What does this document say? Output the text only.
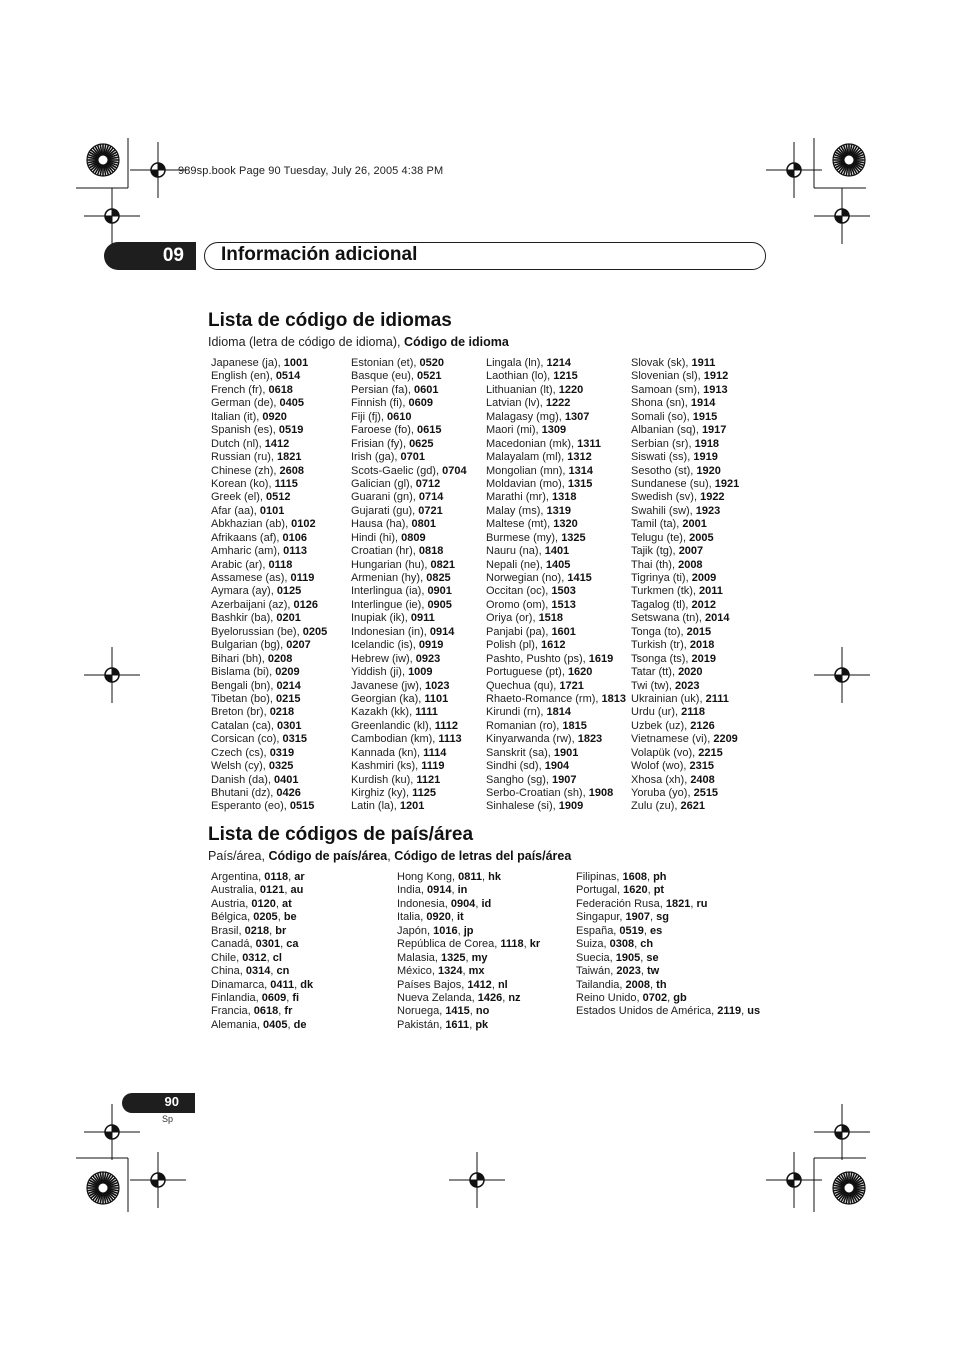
989sp.book Page 90 Tuesday, July 26, 2005 4:38 PM
09 Información adicional
Lista de código de idiomas
Idioma (letra de código de idioma), Código de idioma
Japanese (ja), 1001
English (en), 0514
French (fr), 0618
German (de), 0405
Italian (it), 0920
Spanish (es), 0519
Dutch (nl), 1412
Russian (ru), 1821
Chinese (zh), 2608
Korean (ko), 1115
Greek (el), 0512
Afar (aa), 0101
Abkhazian (ab), 0102
Afrikaans (af), 0106
Amharic (am), 0113
Arabic (ar), 0118
Assamese (as), 0119
Aymara (ay), 0125
Azerbaijani (az), 0126
Bashkir (ba), 0201
Byelorussian (be), 0205
Bulgarian (bg), 0207
Bihari (bh), 0208
Bislama (bi), 0209
Bengali (bn), 0214
Tibetan (bo), 0215
Breton (br), 0218
Catalan (ca), 0301
Corsican (co), 0315
Czech (cs), 0319
Welsh (cy), 0325
Danish (da), 0401
Bhutani (dz), 0426
Esperanto (eo), 0515
Estonian (et), 0520
Basque (eu), 0521
Persian (fa), 0601
Finnish (fi), 0609
Fiji (fj), 0610
Faroese (fo), 0615
Frisian (fy), 0625
Irish (ga), 0701
Scots-Gaelic (gd), 0704
Galician (gl), 0712
Guarani (gn), 0714
Gujarati (gu), 0721
Hausa (ha), 0801
Hindi (hi), 0809
Croatian (hr), 0818
Hungarian (hu), 0821
Armenian (hy), 0825
Interlingua (ia), 0901
Interlingue (ie), 0905
Inupiak (ik), 0911
Indonesian (in), 0914
Icelandic (is), 0919
Hebrew (iw), 0923
Yiddish (ji), 1009
Javanese (jw), 1023
Georgian (ka), 1101
Kazakh (kk), 1111
Greenlandic (kl), 1112
Cambodian (km), 1113
Kannada (kn), 1114
Kashmiri (ks), 1119
Kurdish (ku), 1121
Kirghiz (ky), 1125
Latin (la), 1201
Lingala (ln), 1214
Laothian (lo), 1215
Lithuanian (lt), 1220
Latvian (lv), 1222
Malagasy (mg), 1307
Maori (mi), 1309
Macedonian (mk), 1311
Malayalam (ml), 1312
Mongolian (mn), 1314
Moldavian (mo), 1315
Marathi (mr), 1318
Malay (ms), 1319
Maltese (mt), 1320
Burmese (my), 1325
Nauru (na), 1401
Nepali (ne), 1405
Norwegian (no), 1415
Occitan (oc), 1503
Oromo (om), 1513
Oriya (or), 1518
Panjabi (pa), 1601
Polish (pl), 1612
Pashto, Pushto (ps), 1619
Portuguese (pt), 1620
Quechua (qu), 1721
Rhaeto-Romance (rm), 1813
Kirundi (rn), 1814
Romanian (ro), 1815
Kinyarwanda (rw), 1823
Sanskrit (sa), 1901
Sindhi (sd), 1904
Sangho (sg), 1907
Serbo-Croatian (sh), 1908
Sinhalese (si), 1909
Slovak (sk), 1911
Slovenian (sl), 1912
Samoan (sm), 1913
Shona (sn), 1914
Somali (so), 1915
Albanian (sq), 1917
Serbian (sr), 1918
Siswati (ss), 1919
Sesotho (st), 1920
Sundanese (su), 1921
Swedish (sv), 1922
Swahili (sw), 1923
Tamil (ta), 2001
Telugu (te), 2005
Tajik (tg), 2007
Thai (th), 2008
Tigrinya (ti), 2009
Turkmen (tk), 2011
Tagalog (tl), 2012
Setswana (tn), 2014
Tonga (to), 2015
Turkish (tr), 2018
Tsonga (ts), 2019
Tatar (tt), 2020
Twi (tw), 2023
Ukrainian (uk), 2111
Urdu (ur), 2118
Uzbek (uz), 2126
Vietnamese (vi), 2209
Volapük (vo), 2215
Wolof (wo), 2315
Xhosa (xh), 2408
Yoruba (yo), 2515
Zulu (zu), 2621
Lista de códigos de país/área
País/área, Código de país/área, Código de letras del país/área
Argentina, 0118, ar
Australia, 0121, au
Austria, 0120, at
Bélgica, 0205, be
Brasil, 0218, br
Canadá, 0301, ca
Chile, 0312, cl
China, 0314, cn
Dinamarca, 0411, dk
Finlandia, 0609, fi
Francia, 0618, fr
Alemania, 0405, de
Hong Kong, 0811, hk
India, 0914, in
Indonesia, 0904, id
Italia, 0920, it
Japón, 1016, jp
República de Corea, 1118, kr
Malasia, 1325, my
México, 1324, mx
Países Bajos, 1412, nl
Nueva Zelanda, 1426, nz
Noruega, 1415, no
Pakistán, 1611, pk
Filipinas, 1608, ph
Portugal, 1620, pt
Federación Rusa, 1821, ru
Singapur, 1907, sg
España, 0519, es
Suiza, 0308, ch
Suecia, 1905, se
Taiwán, 2023, tw
Tailandia, 2008, th
Reino Unido, 0702, gb
Estados Unidos de América, 2119, us
90
Sp
